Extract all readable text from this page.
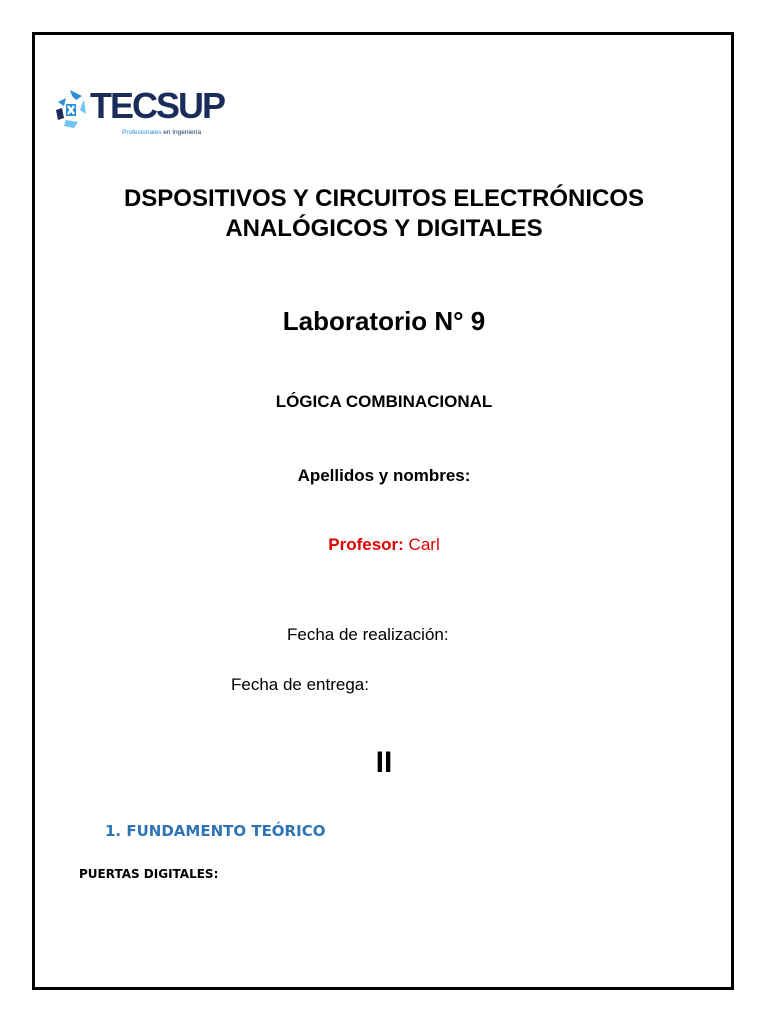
TECSUP
Profesionales en Ingeniería
DSPOSITIVOS Y CIRCUITOS ELECTRÓNICOS
ANALÓGICOS Y DIGITALES
Laboratorio N° 9
LÓGICA COMBINACIONAL
Apellidos y nombres:
Profesor: Carl
Fecha de realización:
Fecha de entrega:
II
1. FUNDAMENTO TEÓRICO
PUERTAS DIGITALES:
